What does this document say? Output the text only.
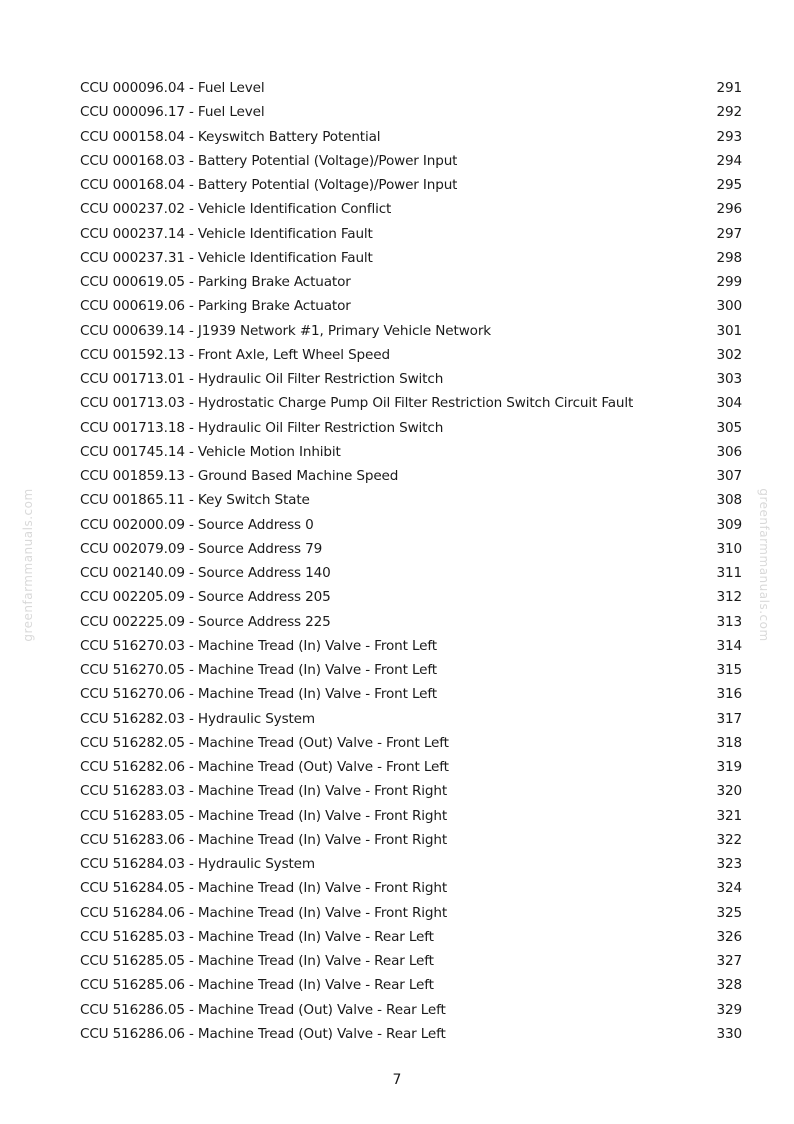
greenfarmmanuals.com	greenfarmmanuals.com
CCU 000096.04 - Fuel Level	291
CCU 000096.17 - Fuel Level	292
CCU 000158.04 - Keyswitch Battery Potential	293
CCU 000168.03 - Battery Potential (Voltage)/Power Input	294
CCU 000168.04 - Battery Potential (Voltage)/Power Input	295
CCU 000237.02 - Vehicle Identification Conflict	296
CCU 000237.14 - Vehicle Identification Fault	297
CCU 000237.31 - Vehicle Identification Fault	298
CCU 000619.05 - Parking Brake Actuator	299
CCU 000619.06 - Parking Brake Actuator	300
CCU 000639.14 - J1939 Network #1, Primary Vehicle Network	301
CCU 001592.13 - Front Axle, Left Wheel Speed	302
CCU 001713.01 - Hydraulic Oil Filter Restriction Switch	303
CCU 001713.03 - Hydrostatic Charge Pump Oil Filter Restriction Switch Circuit Fault	304
CCU 001713.18 - Hydraulic Oil Filter Restriction Switch	305
CCU 001745.14 - Vehicle Motion Inhibit	306
CCU 001859.13 - Ground Based Machine Speed	307
CCU 001865.11 - Key Switch State	308
CCU 002000.09 - Source Address 0	309
CCU 002079.09 - Source Address 79	310
CCU 002140.09 - Source Address 140	311
CCU 002205.09 - Source Address 205	312
CCU 002225.09 - Source Address 225	313
CCU 516270.03 - Machine Tread (In) Valve - Front Left	314
CCU 516270.05 - Machine Tread (In) Valve - Front Left	315
CCU 516270.06 - Machine Tread (In) Valve - Front Left	316
CCU 516282.03 - Hydraulic System	317
CCU 516282.05 - Machine Tread (Out) Valve - Front Left	318
CCU 516282.06 - Machine Tread (Out) Valve - Front Left	319
CCU 516283.03 - Machine Tread (In) Valve - Front Right	320
CCU 516283.05 - Machine Tread (In) Valve - Front Right	321
CCU 516283.06 - Machine Tread (In) Valve - Front Right	322
CCU 516284.03 - Hydraulic System	323
CCU 516284.05 - Machine Tread (In) Valve - Front Right	324
CCU 516284.06 - Machine Tread (In) Valve - Front Right	325
CCU 516285.03 - Machine Tread (In) Valve - Rear Left	326
CCU 516285.05 - Machine Tread (In) Valve - Rear Left	327
CCU 516285.06 - Machine Tread (In) Valve - Rear Left	328
CCU 516286.05 - Machine Tread (Out) Valve - Rear Left	329
CCU 516286.06 - Machine Tread (Out) Valve - Rear Left	330
7
